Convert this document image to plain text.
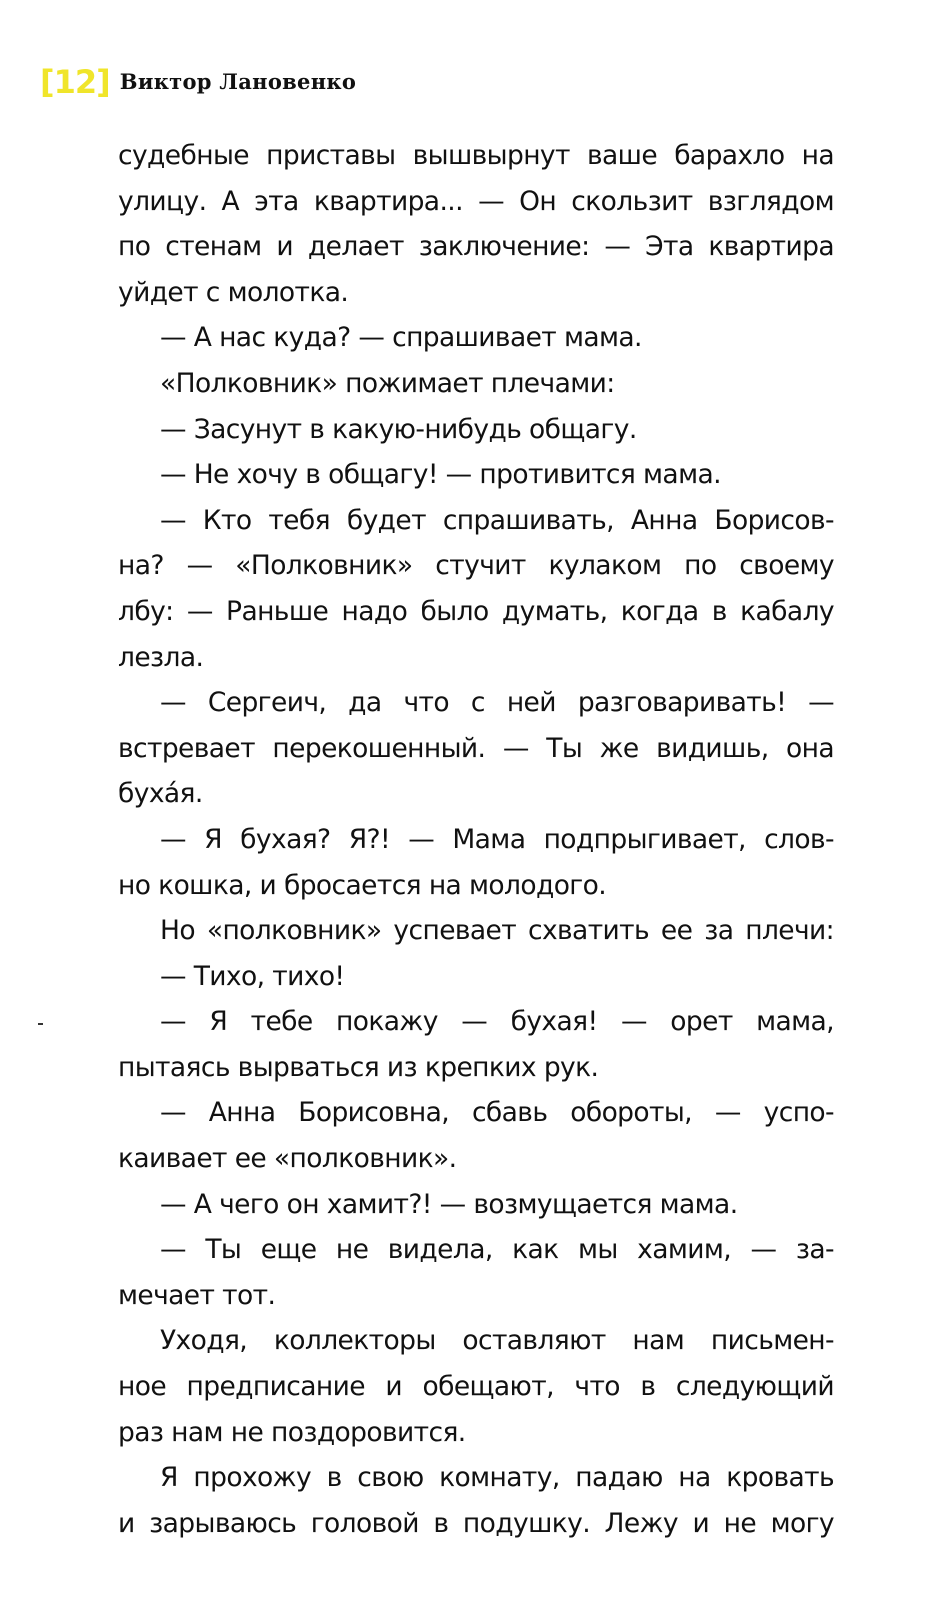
[12] Виктор Лановенко
судебные приставы вышвырнут ваше барахло на
улицу. А эта квартира... — Он скользит взглядом
по стенам и делает заключение: — Эта квартира
уйдет с молотка.
— А нас куда? — спрашивает мама.
«Полковник» пожимает плечами:
— Засунут в какую-нибудь общагу.
— Не хочу в общагу! — противится мама.
— Кто тебя будет спрашивать, Анна Борисов-
на? — «Полковник» стучит кулаком по своему
лбу: — Раньше надо было думать, когда в кабалу
лезла.
— Сергеич, да что с ней разговаривать! —
встревает перекошенный. — Ты же видишь, она
бухáя.
— Я бухая? Я?! — Мама подпрыгивает, слов-
но кошка, и бросается на молодого.
Но «полковник» успевает схватить ее за плечи:
— Тихо, тихо!
— Я тебе покажу — бухая! — орет мама,
пытаясь вырваться из крепких рук.
— Анна Борисовна, сбавь обороты, — успо-
каивает ее «полковник».
— А чего он хамит?! — возмущается мама.
— Ты еще не видела, как мы хамим, — за-
мечает тот.
Уходя, коллекторы оставляют нам письмен-
ное предписание и обещают, что в следующий
раз нам не поздоровится.
Я прохожу в свою комнату, падаю на кровать
и зарываюсь головой в подушку. Лежу и не могу
